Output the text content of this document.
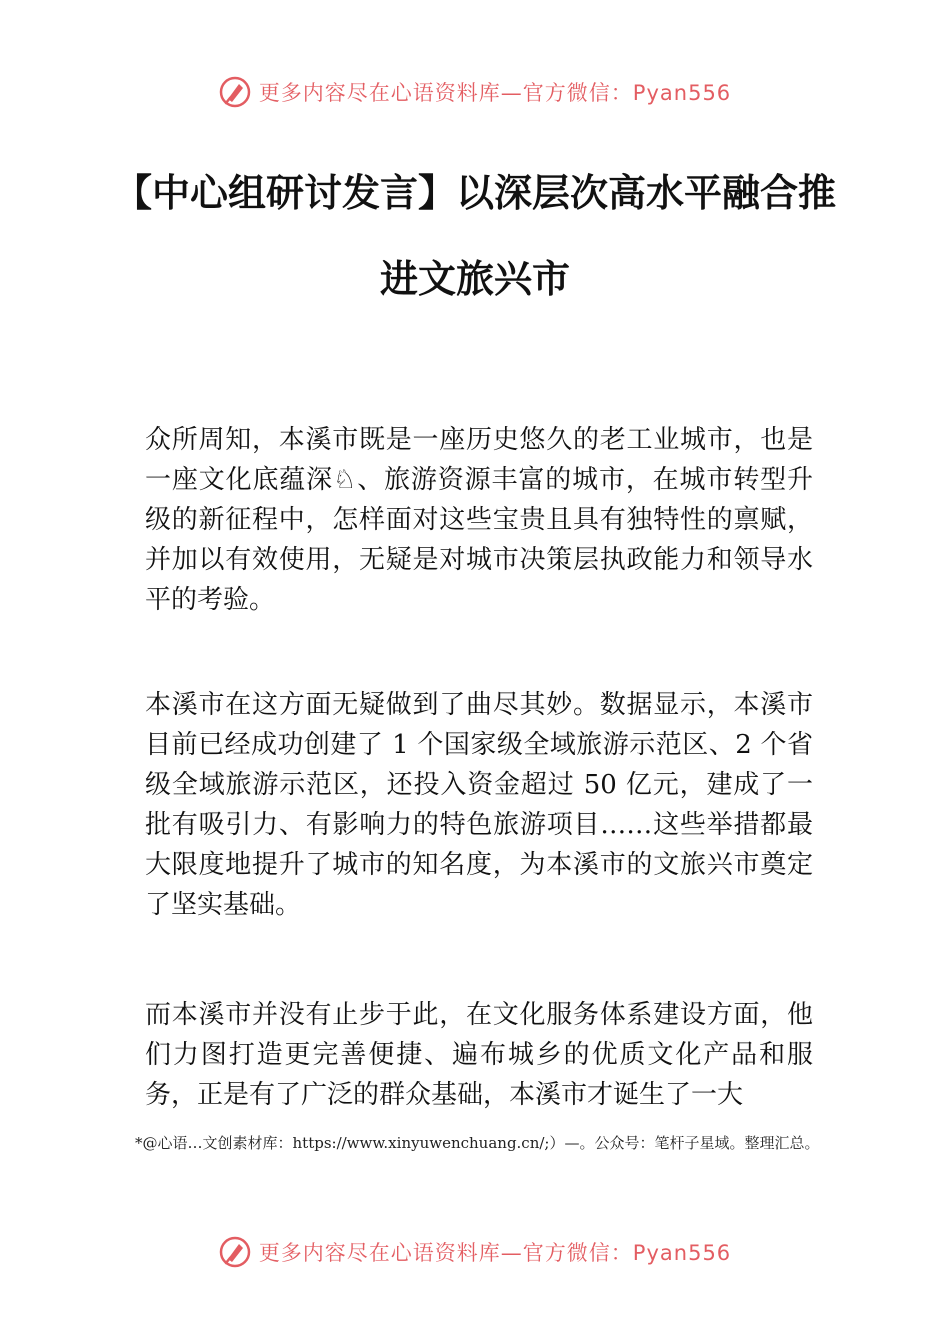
更多内容尽在心语资料库—官方微信：Pyan556
【中心组研讨发言】以深层次高水平融合推进文旅兴市
众所周知，本溪市既是一座历史悠久的老工业城市，也是一座文化底蕴深♘、旅游资源丰富的城市，在城市转型升级的新征程中，怎样面对这些宝贵且具有独特性的禀赋，并加以有效使用，无疑是对城市决策层执政能力和领导水平的考验。
本溪市在这方面无疑做到了曲尽其妙。数据显示，本溪市目前已经成功创建了 1 个国家级全域旅游示范区、2 个省级全域旅游示范区，还投入资金超过 50 亿元，建成了一批有吸引力、有影响力的特色旅游项目……这些举措都最大限度地提升了城市的知名度，为本溪市的文旅兴市奠定了坚实基础。
而本溪市并没有止步于此，在文化服务体系建设方面，他们力图打造更完善便捷、遍布城乡的优质文化产品和服务，正是有了广泛的群众基础，本溪市才诞生了一大
*@心语…文创素材库：https://www.xinyuwenchuang.cn/;）—。公众号：笔杆子星域。整理汇总。
更多内容尽在心语资料库—官方微信：Pyan556
